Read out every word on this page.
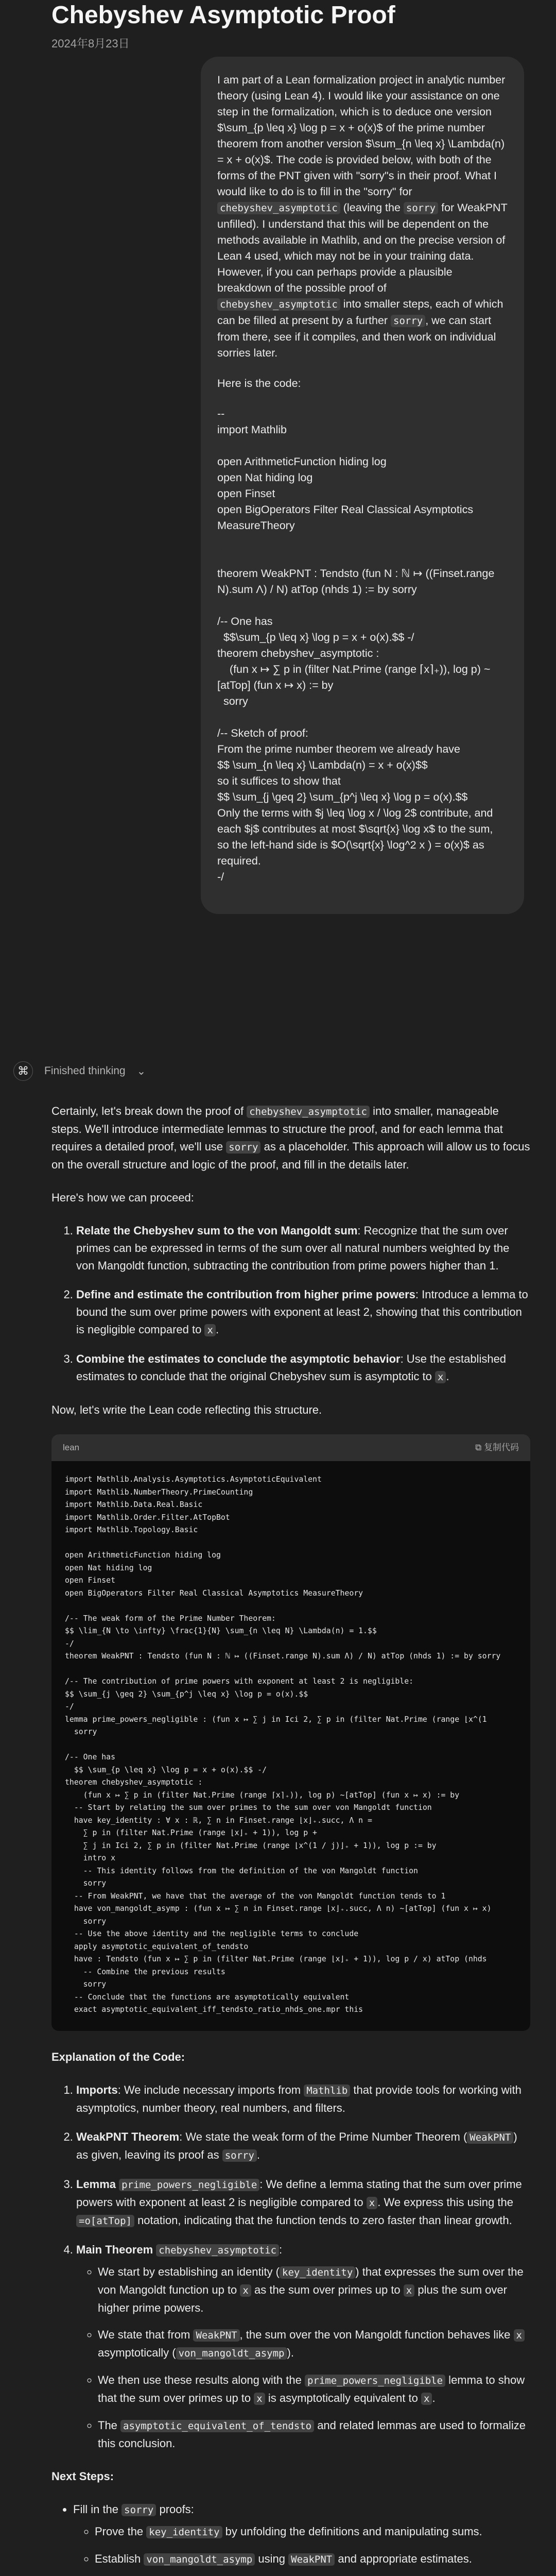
Chebyshev Asymptotic Proof
2024年8月23日

I am part of a Lean formalization project in analytic number theory (using Lean 4). I would like your assistance on one step in the formalization, which is to deduce one version $\sum_{p \leq x} \log p = x + o(x)$ of the prime number theorem from another version $\sum_{n \leq x} \Lambda(n) = x + o(x)$. The code is provided below, with both of the forms of the PNT given with "sorry"s in their proof. What I would like to do is to fill in the "sorry" for chebyshev_asymptotic (leaving the sorry for WeakPNT unfilled). I understand that this will be dependent on the methods available in Mathlib, and on the precise version of Lean 4 used, which may not be in your training data. However, if you can perhaps provide a plausible breakdown of the possible proof of chebyshev_asymptotic into smaller steps, each of which can be filled at present by a further sorry , we can start from there, see if it compiles, and then work on individual sorries later.

Here is the code:

--
import Mathlib

open ArithmeticFunction hiding log
open Nat hiding log
open Finset
open BigOperators Filter Real Classical Asymptotics MeasureTheory

theorem WeakPNT : Tendsto (fun N : ℕ ↦ ((Finset.range N).sum Λ) / N) atTop (nhds 1) := by sorry

/-- One has
$$\sum_{p \leq x} \log p = x + o(x).$$ -/
theorem chebyshev_asymptotic :
(fun x ↦ ∑ p in (filter Nat.Prime (range ⌈x⌉₊)), log p) ~[atTop] (fun x ↦ x) := by
sorry

/-- Sketch of proof:
From the prime number theorem we already have
$$ \sum_{n \leq x} \Lambda(n) = x + o(x)$$
so it suffices to show that
$$ \sum_{j \geq 2} \sum_{p^j \leq x} \log p = o(x).$$
Only the terms with $j \leq \log x / \log 2$ contribute, and each $j$ contributes at most $\sqrt{x} \log x$ to the sum, so the left-hand side is $O(\sqrt{x} \log^2 x ) = o(x)$ as required.
-/
⌘	Finished thinking ⌄

Certainly, let's break down the proof of chebyshev_asymptotic into smaller, manageable steps. We'll introduce intermediate lemmas to structure the proof, and for each lemma that requires a detailed proof, we'll use sorry as a placeholder. This approach will allow us to focus on the overall structure and logic of the proof, and fill in the details later.

Here's how we can proceed:

1. Relate the Chebyshev sum to the von Mangoldt sum: Recognize that the sum over primes can be expressed in terms of the sum over all natural numbers weighted by the von Mangoldt function, subtracting the contribution from prime powers higher than 1.
2. Define and estimate the contribution from higher prime powers: Introduce a lemma to bound the sum over prime powers with exponent at least 2, showing that this contribution is negligible compared to x .
3. Combine the estimates to conclude the asymptotic behavior: Use the established estimates to conclude that the original Chebyshev sum is asymptotic to x .

Now, let's write the Lean code reflecting this structure.

lean	⧉ 复制代码
import Mathlib.Analysis.Asymptotics.AsymptoticEquivalent
import Mathlib.NumberTheory.PrimeCounting
import Mathlib.Data.Real.Basic
import Mathlib.Order.Filter.AtTopBot
import Mathlib.Topology.Basic

open ArithmeticFunction hiding log
open Nat hiding log
open Finset
open BigOperators Filter Real Classical Asymptotics MeasureTheory

/-- The weak form of the Prime Number Theorem:
$$ \lim_{N \to \infty} \frac{1}{N} \sum_{n \leq N} \Lambda(n) = 1.$$
-/
theorem WeakPNT : Tendsto (fun N : ℕ ↦ ((Finset.range N).sum Λ) / N) atTop (nhds 1) := by sorry

/-- The contribution of prime powers with exponent at least 2 is negligible:
$$ \sum_{j \geq 2} \sum_{p^j \leq x} \log p = o(x).$$
-/
lemma prime_powers_negligible : (fun x ↦ ∑ j in Ici 2, ∑ p in (filter Nat.Prime (range ⌊x^(1
sorry

/-- One has
$$ \sum_{p \leq x} \log p = x + o(x).$$ -/
theorem chebyshev_asymptotic :
(fun x ↦ ∑ p in (filter Nat.Prime (range ⌈x⌉₊)), log p) ~[atTop] (fun x ↦ x) := by
-- Start by relating the sum over primes to the sum over von Mangoldt function
have key_identity : ∀ x : ℝ, ∑ n in Finset.range ⌊x⌋₊.succ, Λ n =
∑ p in (filter Nat.Prime (range ⌊x⌋₊ + 1)), log p +
∑ j in Ici 2, ∑ p in (filter Nat.Prime (range ⌊x^(1 / j)⌋₊ + 1)), log p := by
intro x
-- This identity follows from the definition of the von Mangoldt function
sorry
-- From WeakPNT, we have that the average of the von Mangoldt function tends to 1
have von_mangoldt_asymp : (fun x ↦ ∑ n in Finset.range ⌊x⌋₊.succ, Λ n) ~[atTop] (fun x ↦ x)
sorry
-- Use the above identity and the negligible terms to conclude
apply asymptotic_equivalent_of_tendsto
have : Tendsto (fun x ↦ ∑ p in (filter Nat.Prime (range ⌊x⌋₊ + 1)), log p / x) atTop (nhds
-- Combine the previous results
sorry
-- Conclude that the functions are asymptotically equivalent
exact asymptotic_equivalent_iff_tendsto_ratio_nhds_one.mpr this

Explanation of the Code:

1. Imports: We include necessary imports from Mathlib that provide tools for working with asymptotics, number theory, real numbers, and filters.
2. WeakPNT Theorem: We state the weak form of the Prime Number Theorem ( WeakPNT ) as given, leaving its proof as sorry .
3. Lemma prime_powers_negligible : We define a lemma stating that the sum over prime powers with exponent at least 2 is negligible compared to x . We express this using the =o[atTop] notation, indicating that the function tends to zero faster than linear growth.
4. Main Theorem chebyshev_asymptotic :
◦ We start by establishing an identity ( key_identity ) that expresses the sum over the von Mangoldt function up to x as the sum over primes up to x plus the sum over higher prime powers.
◦ We state that from WeakPNT , the sum over the von Mangoldt function behaves like x asymptotically ( von_mangoldt_asymp ).
◦ We then use these results along with the prime_powers_negligible lemma to show that the sum over primes up to x is asymptotically equivalent to x .
◦ The asymptotic_equivalent_of_tendsto and related lemmas are used to formalize this conclusion.

Next Steps:

• Fill in the sorry proofs:
◦ Prove the key_identity by unfolding the definitions and manipulating sums.
◦ Establish von_mangoldt_asymp using WeakPNT and appropriate estimates.
